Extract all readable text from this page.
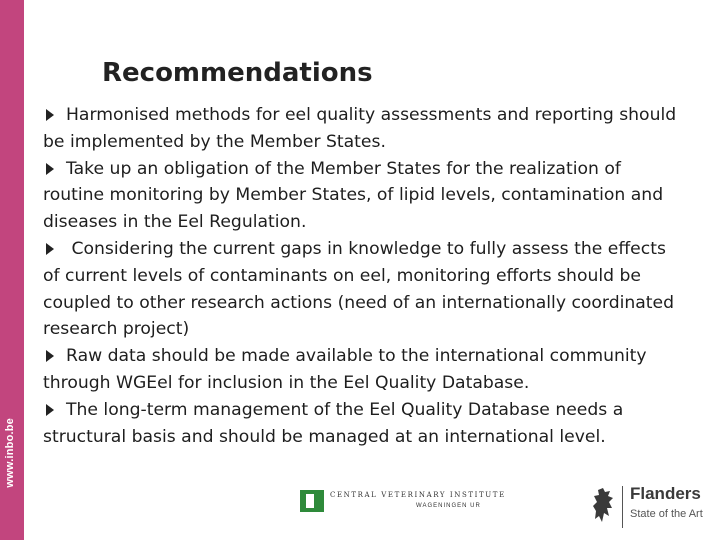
www.inbo.be
Recommendations

Harmonised methods for eel quality assessments and reporting should be implemented by the Member States.

Take up an obligation of the Member States for the realization of routine monitoring by Member States, of lipid levels, contamination and diseases in the Eel Regulation.

Considering the current gaps in knowledge to fully assess the effects of current levels of contaminants on eel, monitoring efforts should be coupled to other research actions (need of an internationally coordinated research project)

Raw data should be made available to the international community through WGEel for inclusion in the Eel Quality Database.

The long-term management of the Eel Quality Database needs a structural basis and should be managed at an international level.

CENTRAL VETERINARY INSTITUTE
WAGENINGEN UR
Flanders
State of the Art
